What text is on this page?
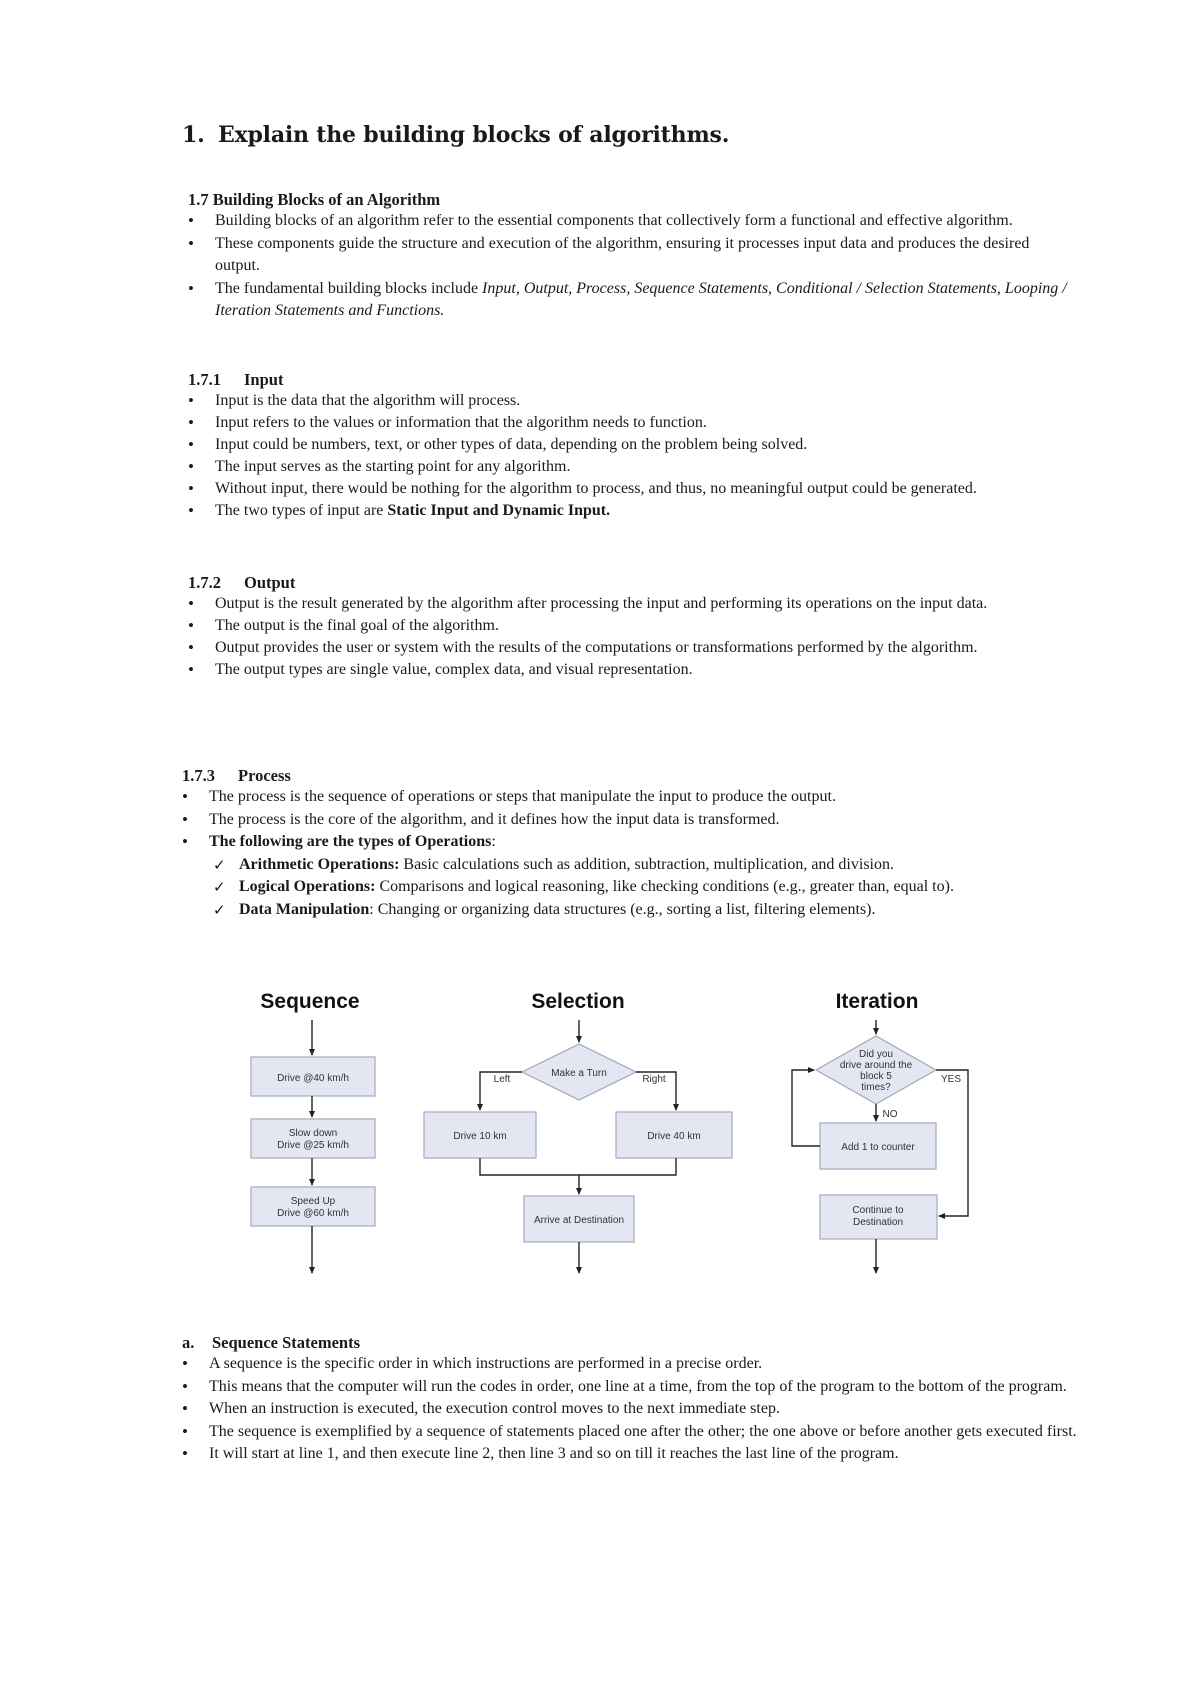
1. Explain the building blocks of algorithms.
1.7 Building Blocks of an Algorithm
• Building blocks of an algorithm refer to the essential components that collectively form a functional and effective algorithm.
• These components guide the structure and execution of the algorithm, ensuring it processes input data and produces the desired output.
• The fundamental building blocks include Input, Output, Process, Sequence Statements, Conditional / Selection Statements, Looping / Iteration Statements and Functions.
1.7.1 Input
• Input is the data that the algorithm will process.
• Input refers to the values or information that the algorithm needs to function.
• Input could be numbers, text, or other types of data, depending on the problem being solved.
• The input serves as the starting point for any algorithm.
• Without input, there would be nothing for the algorithm to process, and thus, no meaningful output could be generated.
• The two types of input are Static Input and Dynamic Input.
1.7.2 Output
• Output is the result generated by the algorithm after processing the input and performing its operations on the input data.
• The output is the final goal of the algorithm.
• Output provides the user or system with the results of the computations or transformations performed by the algorithm.
• The output types are single value, complex data, and visual representation.
1.7.3 Process
• The process is the sequence of operations or steps that manipulate the input to produce the output.
• The process is the core of the algorithm, and it defines how the input data is transformed.
• The following are the types of Operations:
✓ Arithmetic Operations: Basic calculations such as addition, subtraction, multiplication, and division.
✓ Logical Operations: Comparisons and logical reasoning, like checking conditions (e.g., greater than, equal to).
✓ Data Manipulation: Changing or organizing data structures (e.g., sorting a list, filtering elements).
Sequence	Selection	Iteration
Drive @40 km/h
Slow down
Drive @25 km/h
Speed Up
Drive @60 km/h
Make a Turn
Left	Right
Drive 10 km	Drive 40 km
Arrive at Destination
Did you
drive around the
block 5
times?
NO
Add 1 to counter
YES
Continue to
Destination
a. Sequence Statements
• A sequence is the specific order in which instructions are performed in a precise order.
• This means that the computer will run the codes in order, one line at a time, from the top of the program to the bottom of the program.
• When an instruction is executed, the execution control moves to the next immediate step.
• The sequence is exemplified by a sequence of statements placed one after the other; the one above or before another gets executed first.
• It will start at line 1, and then execute line 2, then line 3 and so on till it reaches the last line of the program.
